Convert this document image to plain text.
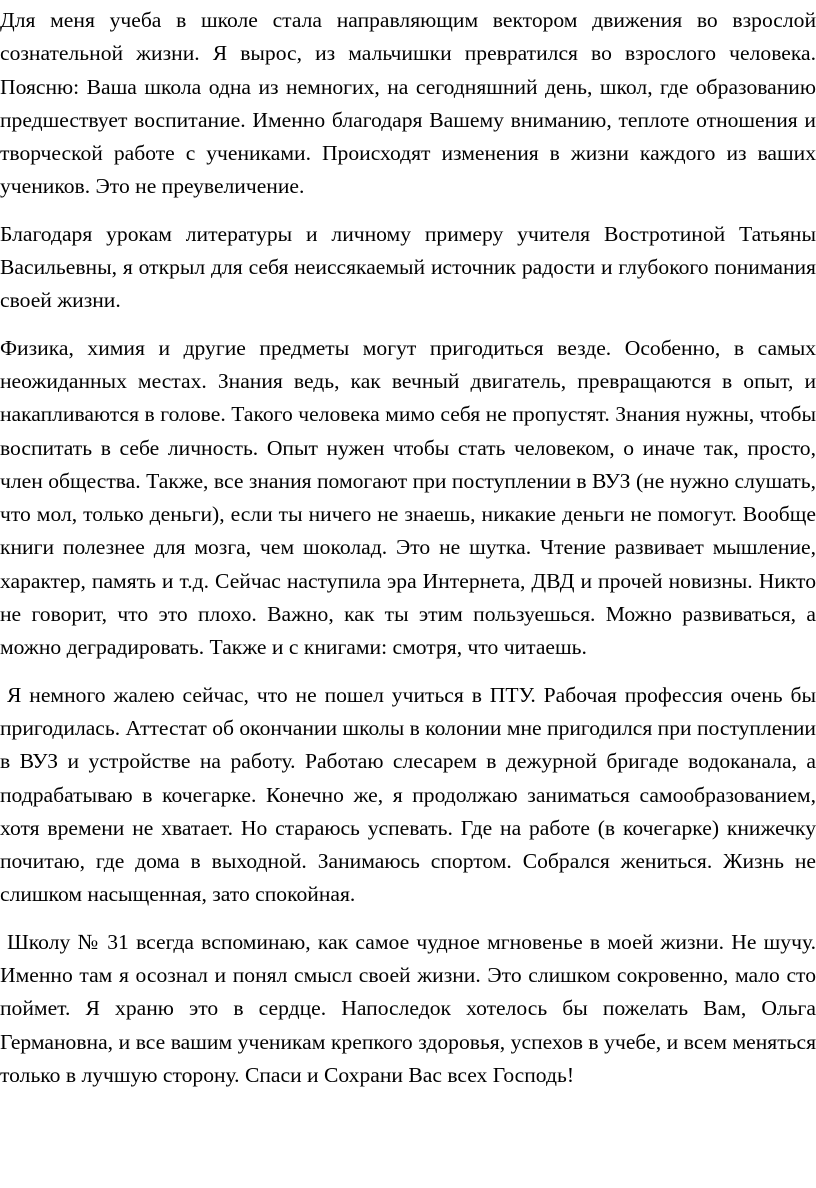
Для меня учеба в школе стала направляющим вектором движения во взрослой сознательной жизни. Я вырос, из мальчишки превратился во взрослого человека. Поясню: Ваша школа одна из немногих, на сегодняшний день, школ, где образованию предшествует воспитание. Именно благодаря Вашему вниманию, теплоте отношения и творческой работе с учениками. Происходят изменения в жизни каждого из ваших учеников. Это не преувеличение.

Благодаря урокам литературы и личному примеру учителя Востротиной Татьяны Васильевны, я открыл для себя неиссякаемый источник радости и глубокого понимания своей жизни.

Физика, химия и другие предметы могут пригодиться везде. Особенно, в самых неожиданных местах. Знания ведь, как вечный двигатель, превращаются в опыт, и накапливаются в голове. Такого человека мимо себя не пропустят. Знания нужны, чтобы воспитать в себе личность. Опыт нужен чтобы стать человеком, о иначе так, просто, член общества. Также, все знания помогают при поступлении в ВУЗ (не нужно слушать, что мол, только деньги), если ты ничего не знаешь, никакие деньги не помогут. Вообще книги полезнее для мозга, чем шоколад. Это не шутка. Чтение развивает мышление, характер, память и т.д. Сейчас наступила эра Интернета, ДВД и прочей новизны. Никто не говорит, что это плохо. Важно, как ты этим пользуешься. Можно развиваться, а можно деградировать. Также и с книгами: смотря, что читаешь.

Я немного жалею сейчас, что не пошел учиться в ПТУ. Рабочая профессия очень бы пригодилась. Аттестат об окончании школы в колонии мне пригодился при поступлении в ВУЗ и устройстве на работу. Работаю слесарем в дежурной бригаде водоканала, а подрабатываю в кочегарке. Конечно же, я продолжаю заниматься самообразованием, хотя времени не хватает. Но стараюсь успевать. Где на работе (в кочегарке) книжечку почитаю, где дома в выходной. Занимаюсь спортом. Собрался жениться. Жизнь не слишком насыщенная, зато спокойная.

Школу № 31 всегда вспоминаю, как самое чудное мгновенье в моей жизни. Не шучу. Именно там я осознал и понял смысл своей жизни. Это слишком сокровенно, мало сто поймет. Я храню это в сердце. Напоследок хотелось бы пожелать Вам, Ольга Германовна, и все вашим ученикам крепкого здоровья, успехов в учебе, и всем меняться только в лучшую сторону. Спаси и Сохрани Вас всех Господь!
